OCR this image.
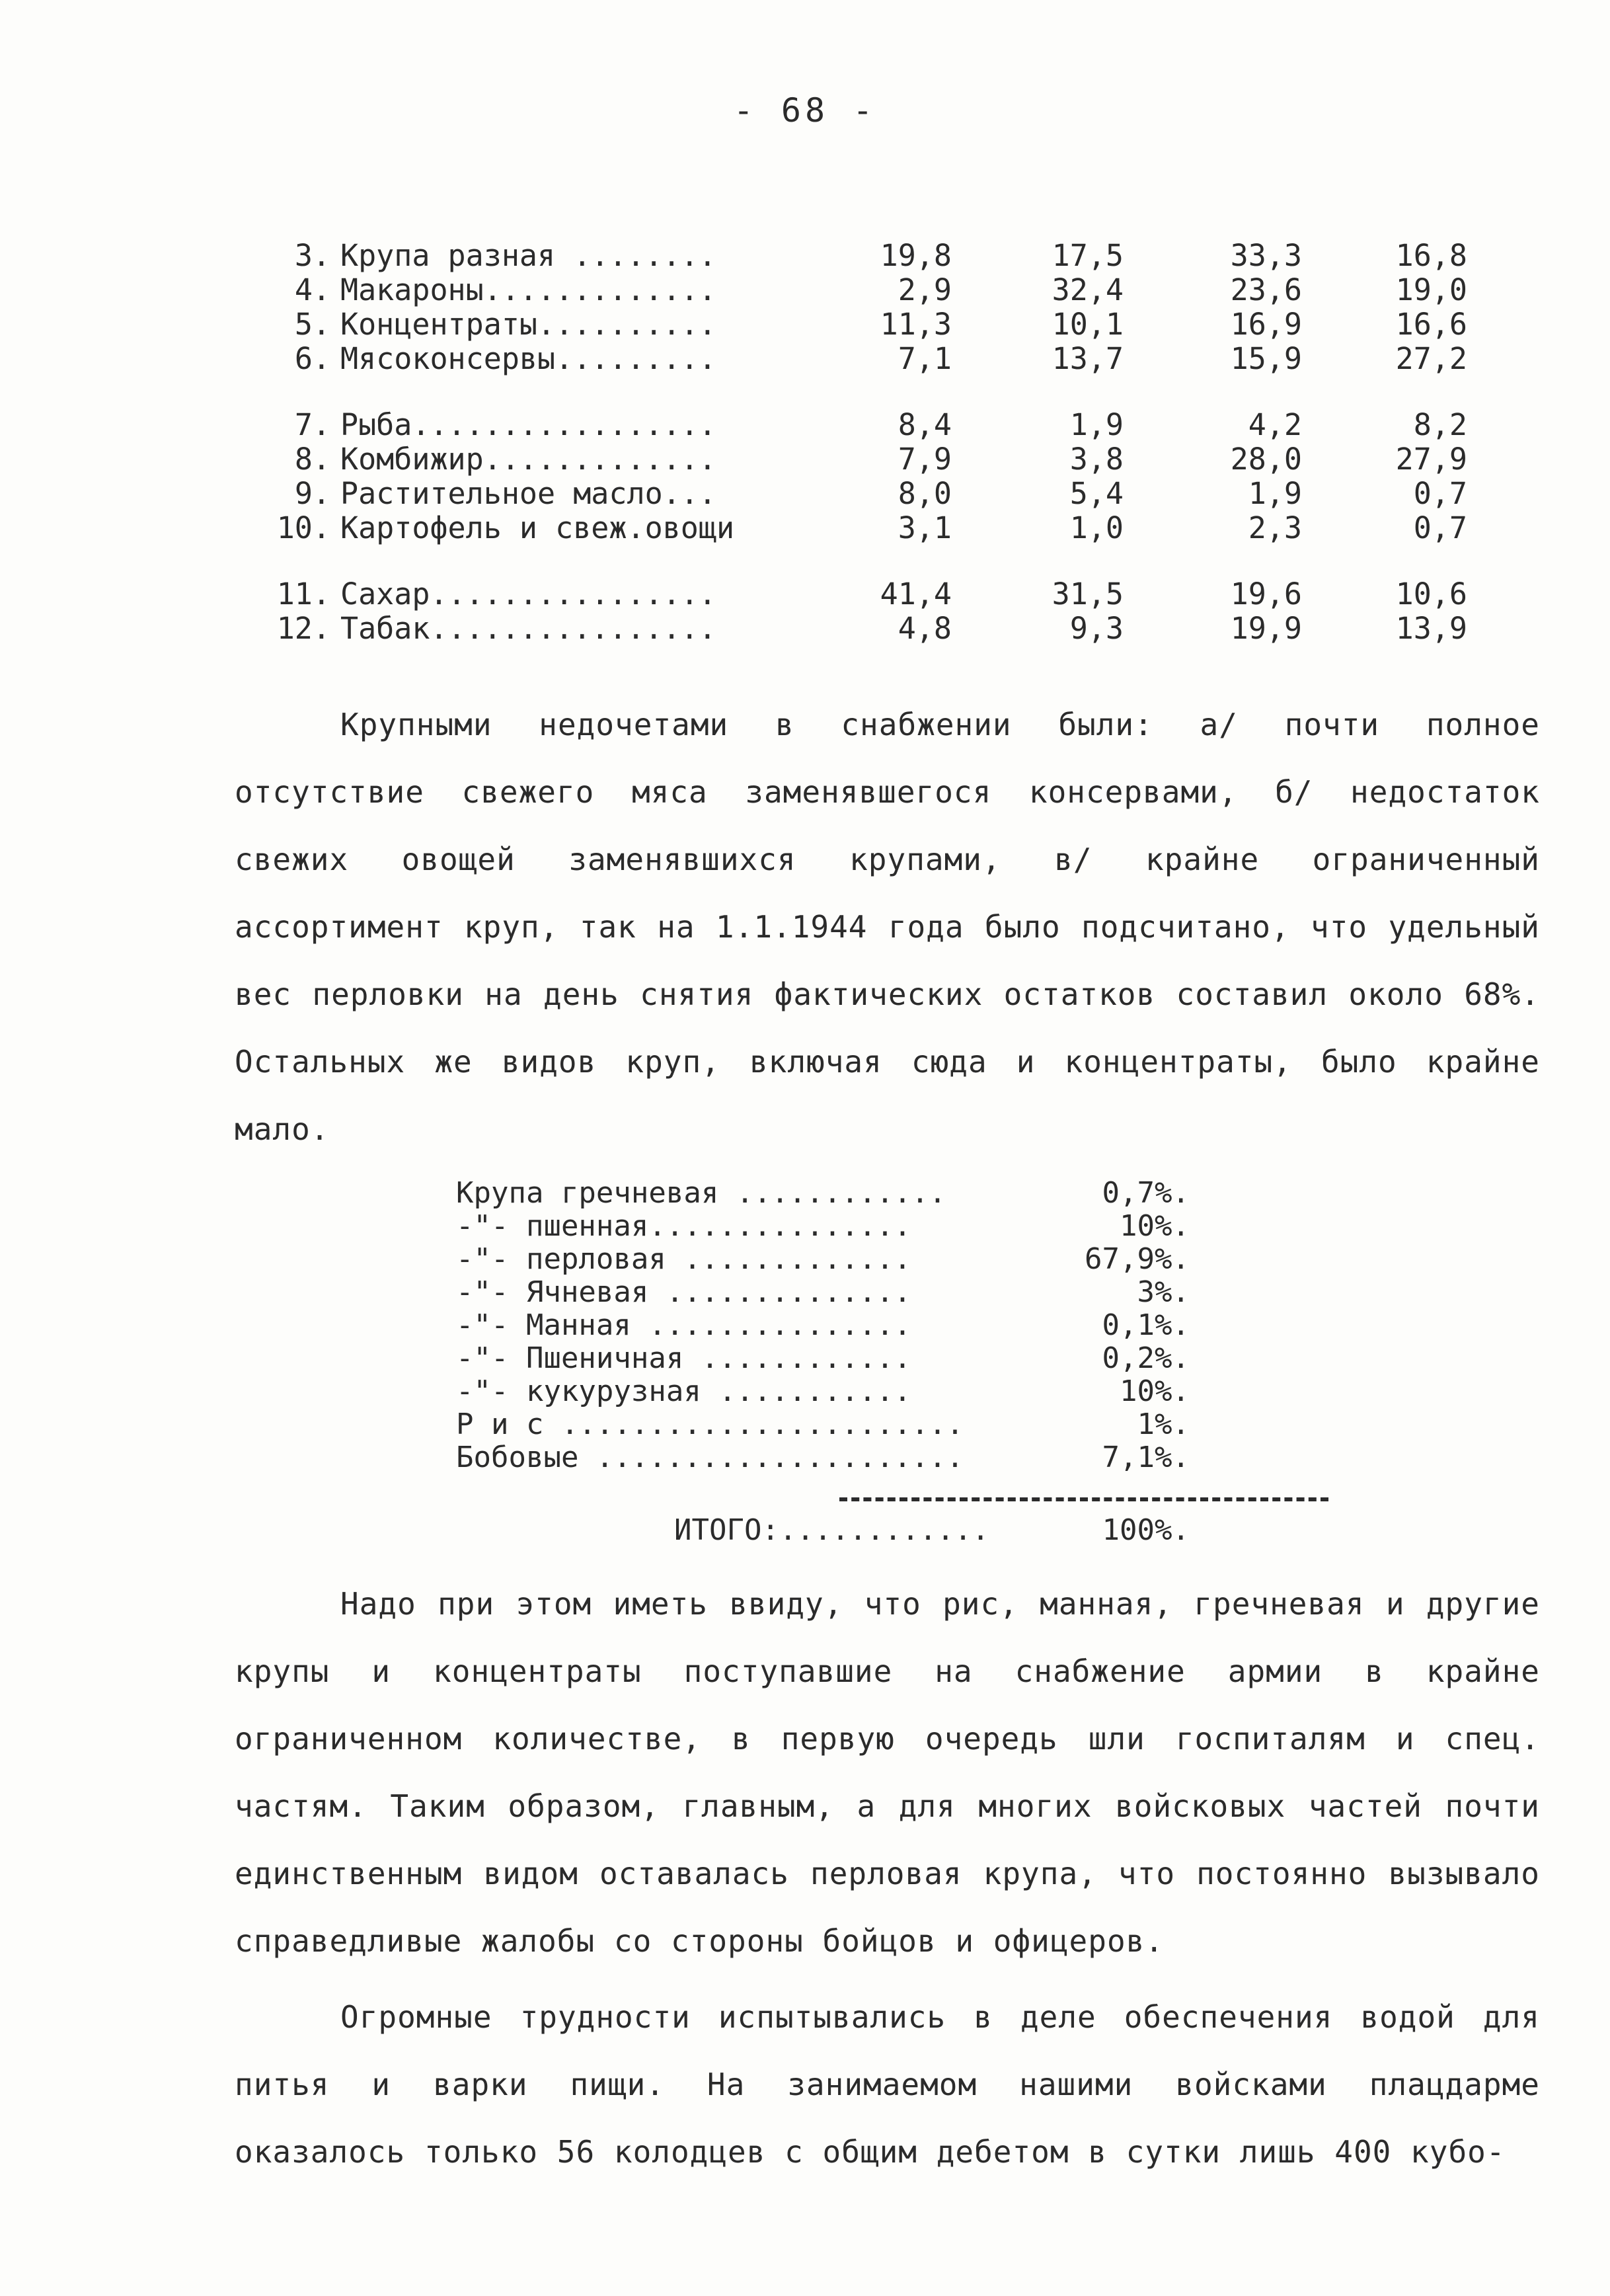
- 68 -
3. Крупа разная ........	19,8	17,5	33,3	16,8
4. Макароны.............	2,9	32,4	23,6	19,0
5. Концентраты..........	11,3	10,1	16,9	16,6
6. Мясоконсервы.........	7,1	13,7	15,9	27,2
7. Рыба.................	8,4	1,9	4,2	8,2
8. Комбижир.............	7,9	3,8	28,0	27,9
9. Растительное масло...	8,0	5,4	1,9	0,7
10. Картофель и свеж.овощи	3,1	1,0	2,3	0,7
11. Сахар................	41,4	31,5	19,6	10,6
12. Табак................	4,8	9,3	19,9	13,9

Крупными недочетами в снабжении были: а/ почти полное отсутствие свежего мяса заменявшегося консервами, б/ недостаток свежих овощей заменявшихся крупами, в/ крайне ограниченный ассортимент круп, так на 1.1.1944 года было подсчитано, что удельный вес перловки на день снятия фактических остатков составил около 68%. Остальных же видов круп, включая сюда и концентраты, было крайне мало.

Крупа гречневая ............	0,7%.
-"- пшенная...............	10%.
-"- перловая .............	67,9%.
-"- Ячневая ..............	3%.
-"- Манная ...............	0,1%.
-"- Пшеничная ............	0,2%.
-"- кукурузная ...........	10%.
Р и с .......................	1%.
Бобовые .....................	7,1%.
ИТОГО:............	100%.

Надо при этом иметь ввиду, что рис, манная, гречневая и другие крупы и концентраты поступавшие на снабжение армии в крайне ограниченном количестве, в первую очередь шли госпиталям и спец. частям. Таким образом, главным, а для многих войсковых частей почти единственным видом оставалась перловая крупа, что постоянно вызывало справедливые жалобы со стороны бойцов и офицеров.

Огромные трудности испытывались в деле обеспечения водой для питья и варки пищи. На занимаемом нашими войсками плацдарме оказалось только 56 колодцев с общим дебетом в сутки лишь 400 кубо-
